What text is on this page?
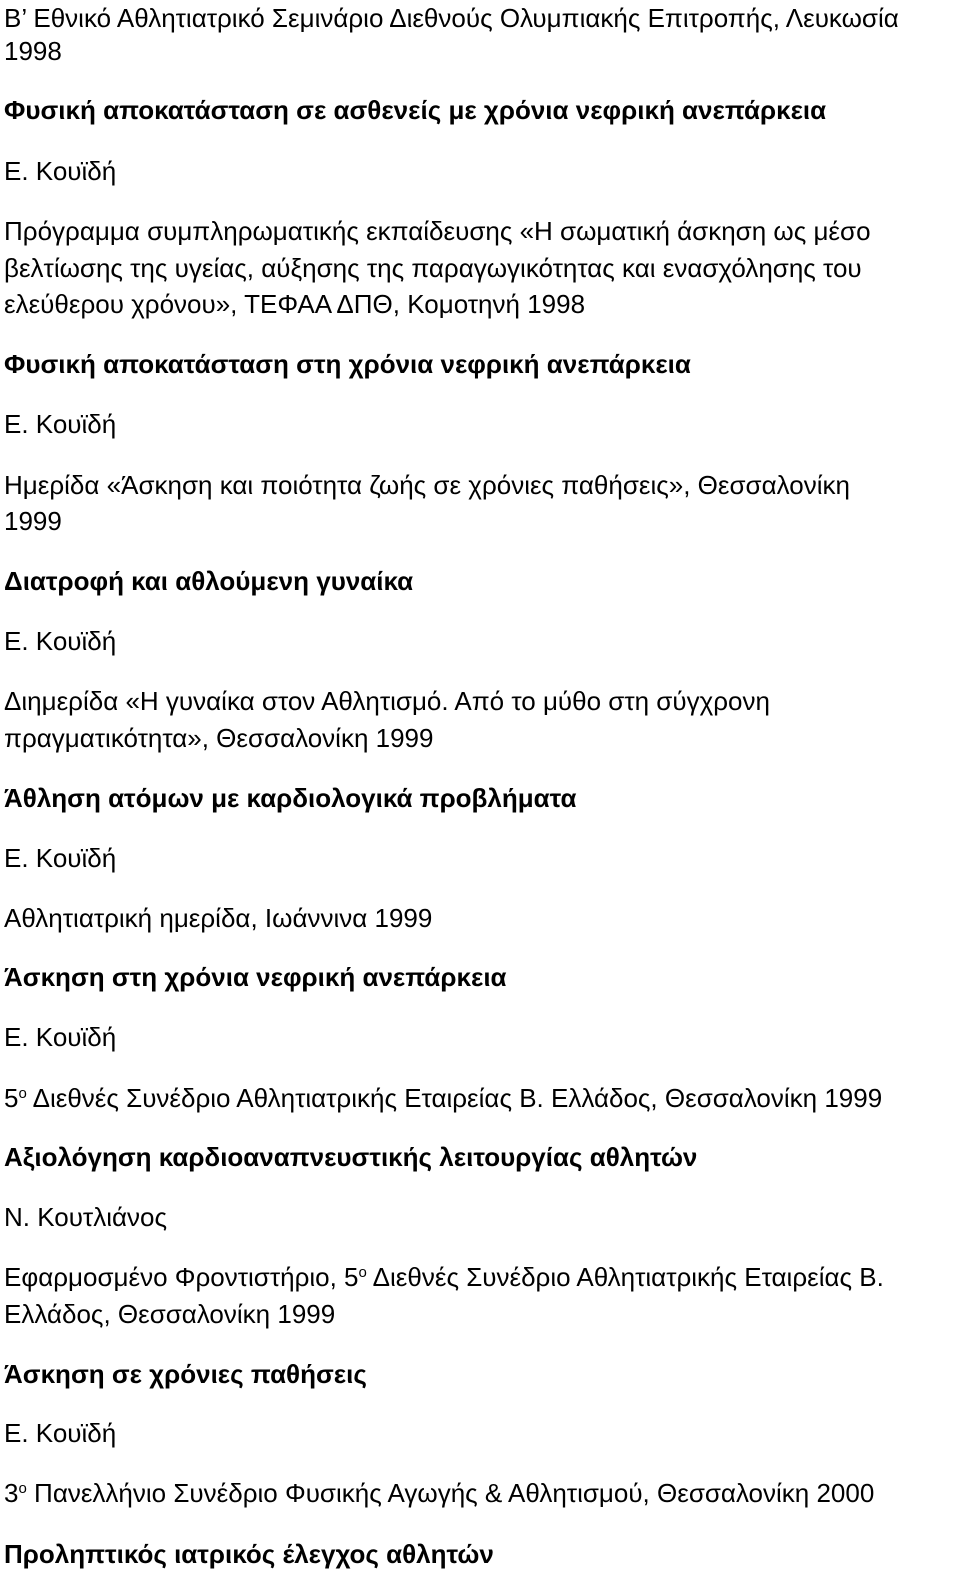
Β’ Εθνικό Αθλητιατρικό Σεμινάριο Διεθνούς Ολυμπιακής Επιτροπής, Λευκωσία

1998

Φυσική αποκατάσταση σε ασθενείς με χρόνια νεφρική ανεπάρκεια

Ε. Κουϊδή

Πρόγραμμα συμπληρωματικής εκπαίδευσης «Η σωματική άσκηση ως μέσο

βελτίωσης της υγείας, αύξησης της παραγωγικότητας και ενασχόλησης του

ελεύθερου χρόνου», ΤΕΦΑΑ ΔΠΘ, Κομοτηνή 1998

Φυσική αποκατάσταση στη χρόνια νεφρική ανεπάρκεια

Ε. Κουϊδή

Ημερίδα «Άσκηση και ποιότητα ζωής σε χρόνιες παθήσεις», Θεσσαλονίκη

1999

Διατροφή και αθλούμενη γυναίκα

Ε. Κουϊδή

Διημερίδα «Η γυναίκα στον Αθλητισμό. Από το μύθο στη σύγχρονη

πραγματικότητα», Θεσσαλονίκη 1999

Άθληση ατόμων με καρδιολογικά προβλήματα

Ε. Κουϊδή

Αθλητιατρική ημερίδα, Ιωάννινα 1999

Άσκηση στη χρόνια νεφρική ανεπάρκεια

Ε. Κουϊδή

$5^o$ Διεθνές Συνέδριο Αθλητιατρικής Εταιρείας Β. Ελλάδος, Θεσσαλονίκη 1999

Αξιολόγηση καρδιοαναπνευστικής λειτουργίας αθλητών

Ν. Κουτλιάνος

Εφαρμοσμένο Φροντιστήριο, $5^o$ Διεθνές Συνέδριο Αθλητιατρικής Εταιρείας Β.

Ελλάδος, Θεσσαλονίκη 1999

Άσκηση σε χρόνιες παθήσεις

Ε. Κουϊδή

$3^o$ Πανελλήνιο Συνέδριο Φυσικής Αγωγής & Αθλητισμού, Θεσσαλονίκη 2000

Προληπτικός ιατρικός έλεγχος αθλητών
